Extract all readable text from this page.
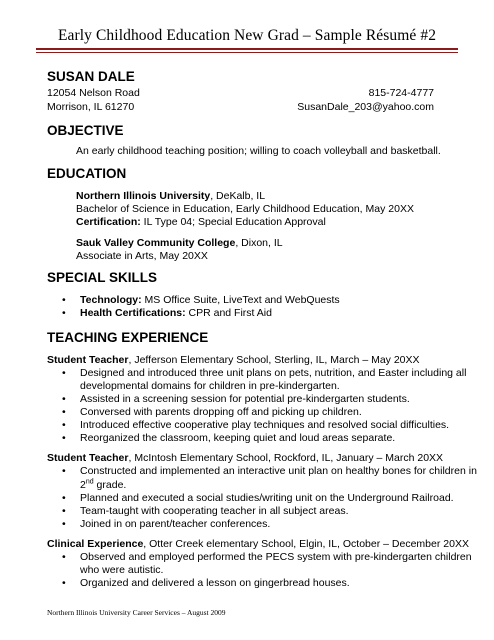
Early Childhood Education New Grad – Sample Résumé #2
SUSAN DALE
12054 Nelson Road
Morrison, IL 61270
815-724-4777
SusanDale_203@yahoo.com
OBJECTIVE
An early childhood teaching position; willing to coach volleyball and basketball.
EDUCATION
Northern Illinois University, DeKalb, IL
Bachelor of Science in Education, Early Childhood Education, May 20XX
Certification: IL Type 04; Special Education Approval
Sauk Valley Community College, Dixon, IL
Associate in Arts, May 20XX
SPECIAL SKILLS
• Technology: MS Office Suite, LiveText and WebQuests
• Health Certifications: CPR and First Aid
TEACHING EXPERIENCE
Student Teacher, Jefferson Elementary School, Sterling, IL, March – May 20XX
• Designed and introduced three unit plans on pets, nutrition, and Easter including all
developmental domains for children in pre-kindergarten.
• Assisted in a screening session for potential pre-kindergarten students.
• Conversed with parents dropping off and picking up children.
• Introduced effective cooperative play techniques and resolved social difficulties.
• Reorganized the classroom, keeping quiet and loud areas separate.
Student Teacher, McIntosh Elementary School, Rockford, IL, January – March 20XX
• Constructed and implemented an interactive unit plan on healthy bones for children in
2nd grade.
• Planned and executed a social studies/writing unit on the Underground Railroad.
• Team-taught with cooperating teacher in all subject areas.
• Joined in on parent/teacher conferences.
Clinical Experience, Otter Creek elementary School, Elgin, IL, October – December 20XX
• Observed and employed performed the PECS system with pre-kindergarten children
who were autistic.
• Organized and delivered a lesson on gingerbread houses.
Northern Illinois University Career Services – August 2009
